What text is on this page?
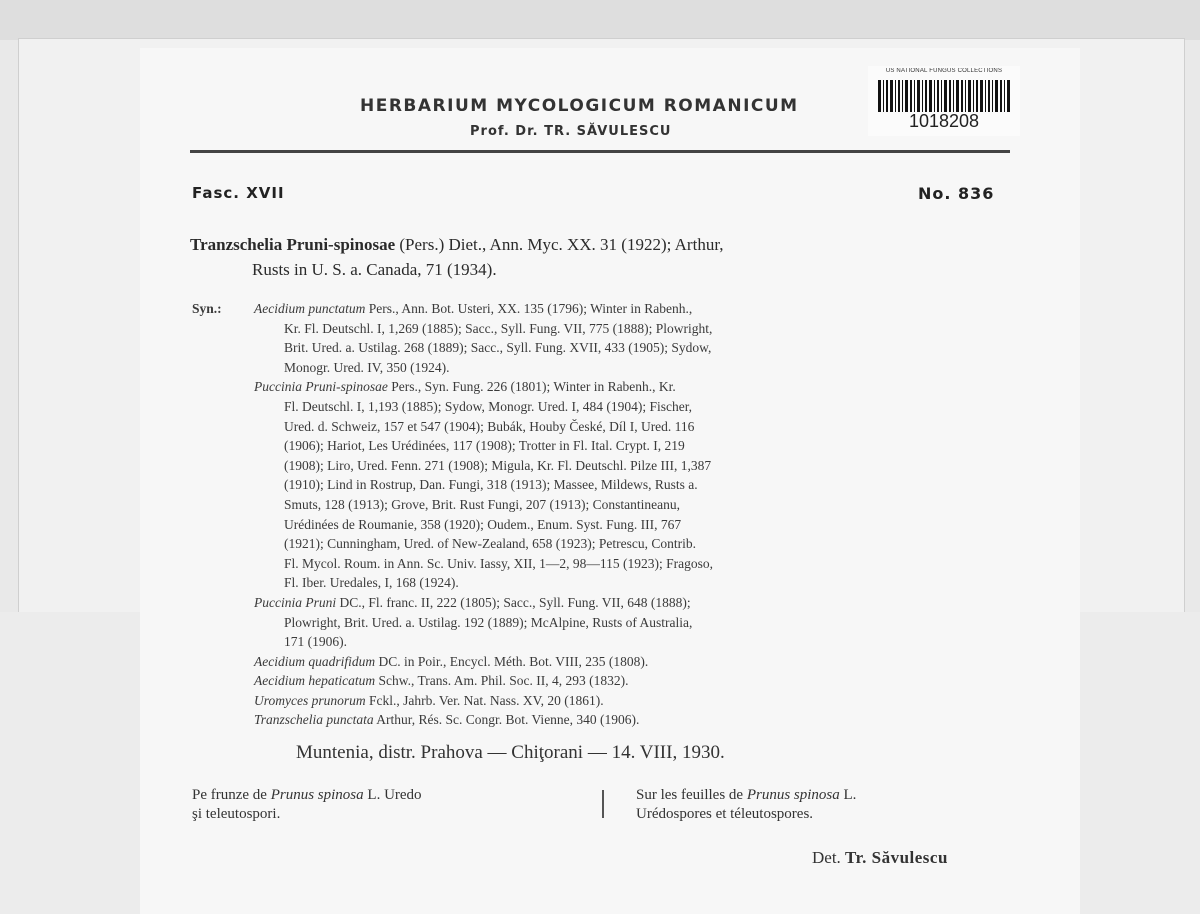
US NATIONAL FUNGUS COLLECTIONS
1018208
HERBARIUM MYCOLOGICUM ROMANICUM
Prof. Dr. TR. SĂVULESCU
Fasc. XVII	No. 836
Tranzschelia Pruni-spinosae (Pers.) Diet., Ann. Myc. XX. 31 (1922); Arthur,
Rusts in U. S. a. Canada, 71 (1934).
Syn.:	Aecidium punctatum Pers., Ann. Bot. Usteri, XX. 135 (1796); Winter in Rabenh.,
Kr. Fl. Deutschl. I, 1,269 (1885); Sacc., Syll. Fung. VII, 775 (1888); Plowright,
Brit. Ured. a. Ustilag. 268 (1889); Sacc., Syll. Fung. XVII, 433 (1905); Sydow,
Monogr. Ured. IV, 350 (1924).
Puccinia Pruni-spinosae Pers., Syn. Fung. 226 (1801); Winter in Rabenh., Kr.
Fl. Deutschl. I, 1,193 (1885); Sydow, Monogr. Ured. I, 484 (1904); Fischer,
Ured. d. Schweiz, 157 et 547 (1904); Bubák, Houby České, Díl I, Ured. 116
(1906); Hariot, Les Urédinées, 117 (1908); Trotter in Fl. Ital. Crypt. I, 219
(1908); Liro, Ured. Fenn. 271 (1908); Migula, Kr. Fl. Deutschl. Pilze III, 1,387
(1910); Lind in Rostrup, Dan. Fungi, 318 (1913); Massee, Mildews, Rusts a.
Smuts, 128 (1913); Grove, Brit. Rust Fungi, 207 (1913); Constantineanu,
Urédinées de Roumanie, 358 (1920); Oudem., Enum. Syst. Fung. III, 767
(1921); Cunningham, Ured. of New-Zealand, 658 (1923); Petrescu, Contrib.
Fl. Mycol. Roum. in Ann. Sc. Univ. Iassy, XII, 1—2, 98—115 (1923); Fragoso,
Fl. Iber. Uredales, I, 168 (1924).
Puccinia Pruni DC., Fl. franc. II, 222 (1805); Sacc., Syll. Fung. VII, 648 (1888);
Plowright, Brit. Ured. a. Ustilag. 192 (1889); McAlpine, Rusts of Australia,
171 (1906).
Aecidium quadrifidum DC. in Poir., Encycl. Méth. Bot. VIII, 235 (1808).
Aecidium hepaticatum Schw., Trans. Am. Phil. Soc. II, 4, 293 (1832).
Uromyces prunorum Fckl., Jahrb. Ver. Nat. Nass. XV, 20 (1861).
Tranzschelia punctata Arthur, Rés. Sc. Congr. Bot. Vienne, 340 (1906).
Muntenia, distr. Prahova — Chiţorani — 14. VIII, 1930.
Pe frunze de Prunus spinosa L. Uredo
şi teleutospori.
Sur les feuilles de Prunus spinosa L.
Urédospores et téleutospores.
Det. Tr. Săvulescu
